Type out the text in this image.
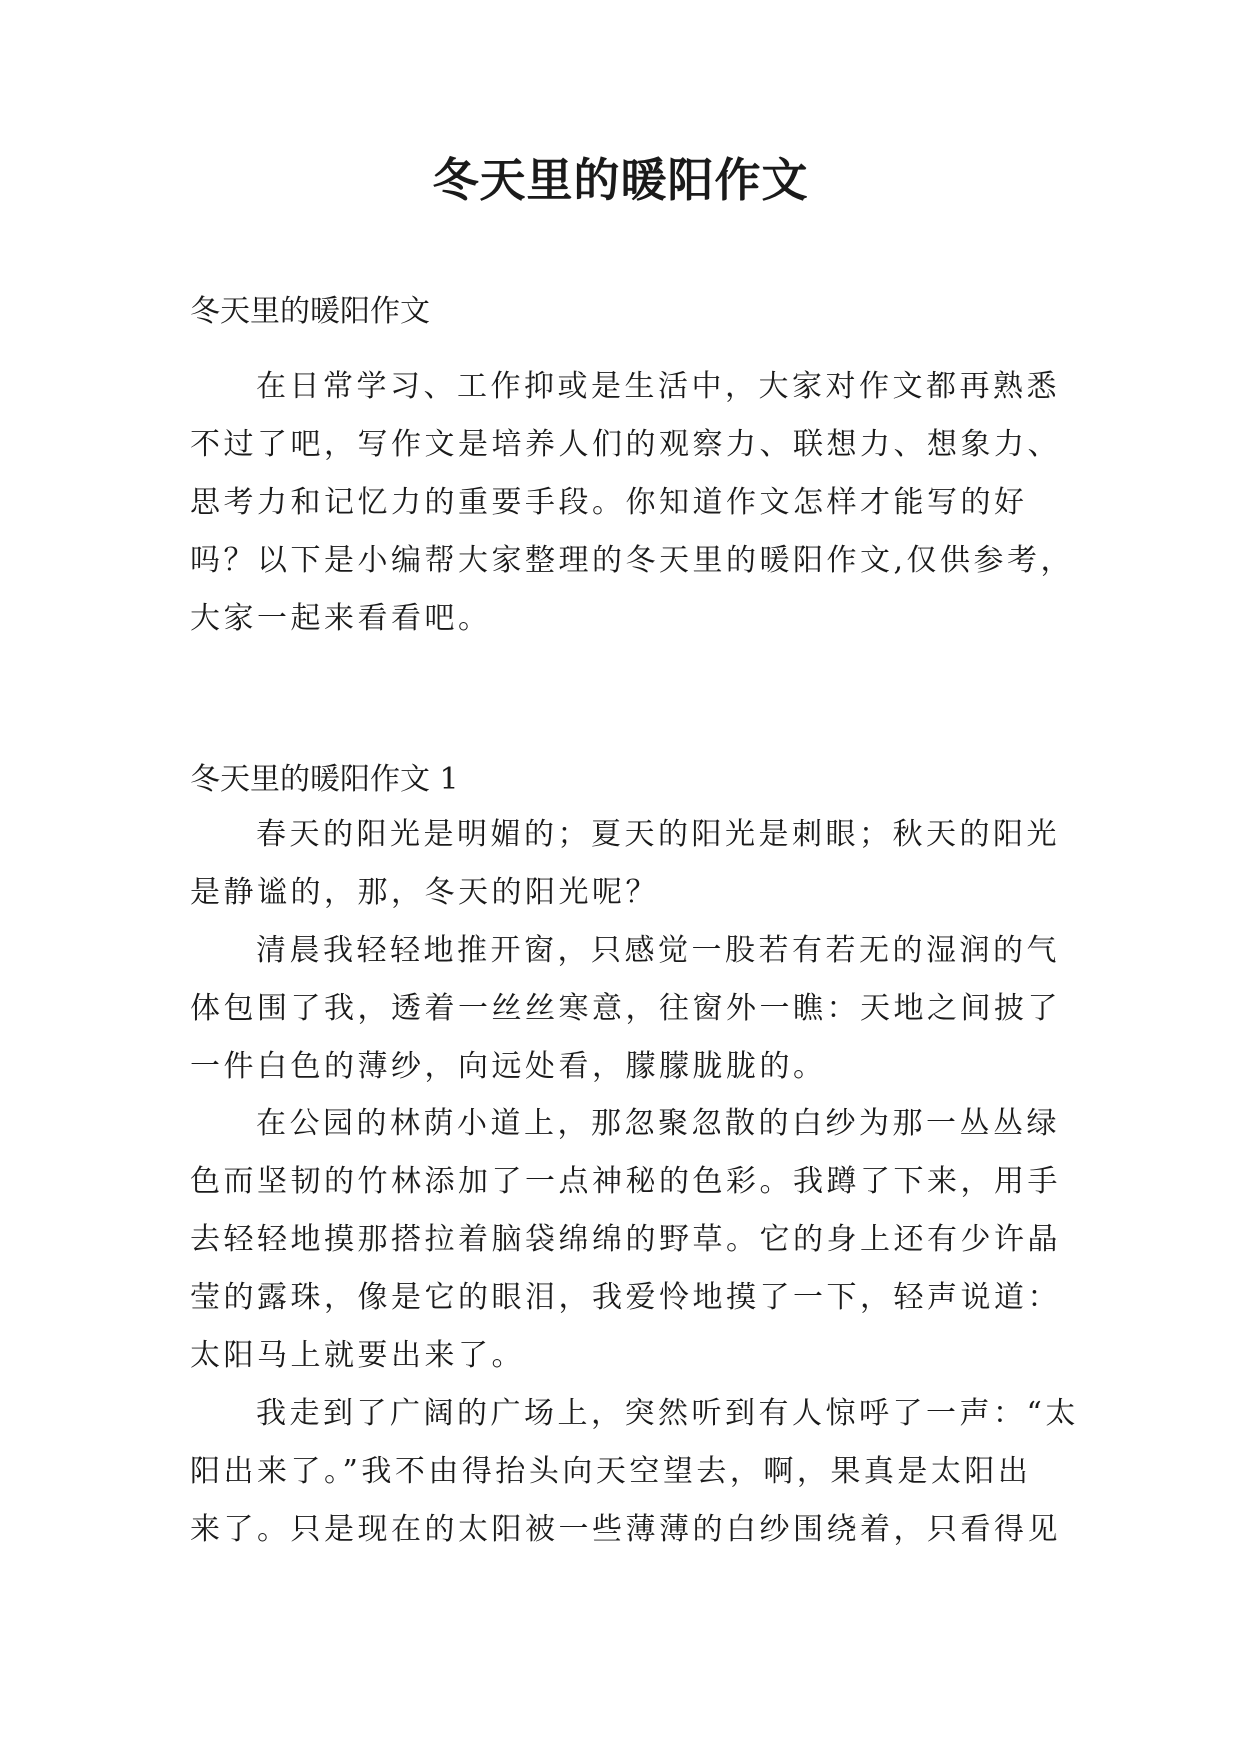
冬天里的暖阳作文

冬天里的暖阳作文

在日常学习、工作抑或是生活中，大家对作文都再熟悉
不过了吧，写作文是培养人们的观察力、联想力、想象力、
思考力和记忆力的重要手段。你知道作文怎样才能写的好
吗？以下是小编帮大家整理的冬天里的暖阳作文,仅供参考，
大家一起来看看吧。

冬天里的暖阳作文 1

春天的阳光是明媚的；夏天的阳光是刺眼；秋天的阳光
是静谧的，那，冬天的阳光呢？
清晨我轻轻地推开窗，只感觉一股若有若无的湿润的气
体包围了我，透着一丝丝寒意，往窗外一瞧：天地之间披了
一件白色的薄纱，向远处看，朦朦胧胧的。
在公园的林荫小道上，那忽聚忽散的白纱为那一丛丛绿
色而坚韧的竹林添加了一点神秘的色彩。我蹲了下来，用手
去轻轻地摸那搭拉着脑袋绵绵的野草。它的身上还有少许晶
莹的露珠，像是它的眼泪，我爱怜地摸了一下，轻声说道：
太阳马上就要出来了。
我走到了广阔的广场上，突然听到有人惊呼了一声：“太
阳出来了。”我不由得抬头向天空望去，啊，果真是太阳出
来了。只是现在的太阳被一些薄薄的白纱围绕着，只看得见
